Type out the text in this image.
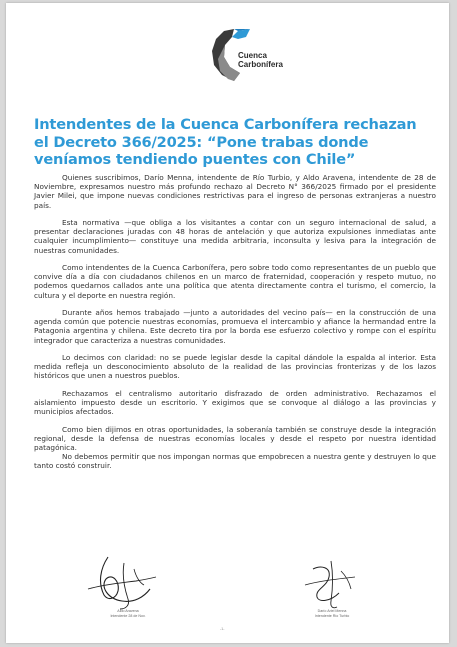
Cuenca
Carbonífera
Intendentes de la Cuenca Carbonífera rechazan el Decreto 366/2025: “Pone trabas donde veníamos tendiendo puentes con Chile”

Quienes suscribimos, Darío Menna, intendente de Río Turbio, y Aldo Aravena, intendente de 28 de Noviembre, expresamos nuestro más profundo rechazo al Decreto N° 366/2025 firmado por el presidente Javier Milei, que impone nuevas condiciones restrictivas para el ingreso de personas extranjeras a nuestro país.

Esta normativa —que obliga a los visitantes a contar con un seguro internacional de salud, a presentar declaraciones juradas con 48 horas de antelación y que autoriza expulsiones inmediatas ante cualquier incumplimiento— constituye una medida arbitraria, inconsulta y lesiva para la integración de nuestras comunidades.

Como intendentes de la Cuenca Carbonífera, pero sobre todo como representantes de un pueblo que convive día a día con ciudadanos chilenos en un marco de fraternidad, cooperación y respeto mutuo, no podemos quedarnos callados ante una política que atenta directamente contra el turismo, el comercio, la cultura y el deporte en nuestra región.

Durante años hemos trabajado —junto a autoridades del vecino país— en la construcción de una agenda común que potencie nuestras economías, promueva el intercambio y afiance la hermandad entre la Patagonia argentina y chilena. Este decreto tira por la borda ese esfuerzo colectivo y rompe con el espíritu integrador que caracteriza a nuestras comunidades.

Lo decimos con claridad: no se puede legislar desde la capital dándole la espalda al interior. Esta medida refleja un desconocimiento absoluto de la realidad de las provincias fronterizas y de los lazos históricos que unen a nuestros pueblos.

Rechazamos el centralismo autoritario disfrazado de orden administrativo. Rechazamos el aislamiento impuesto desde un escritorio. Y exigimos que se convoque al diálogo a las provincias y municipios afectados.

Como bien dijimos en otras oportunidades, la soberanía también se construye desde la integración regional, desde la defensa de nuestras economías locales y desde el respeto por nuestra identidad patagónica.

No debemos permitir que nos impongan normas que empobrecen a nuestra gente y destruyen lo que tanto costó construir.

Aldo Aravena
Intendente 28 de Nov.
Darío Ariel Menna
Intendente Río Turbio
-1-
